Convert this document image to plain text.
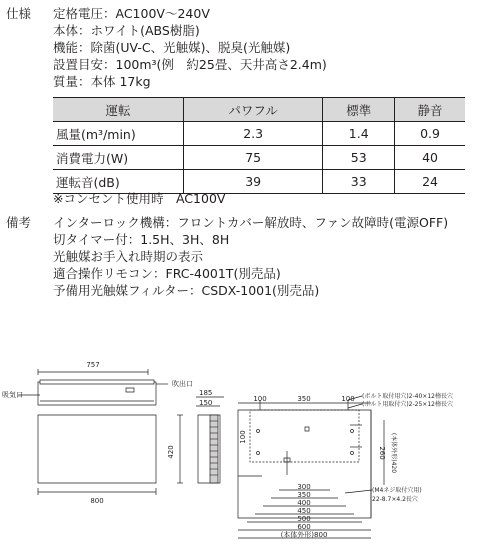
仕様 定格電圧：AC100V〜240V
本体：ホワイト(ABS樹脂)
機能：除菌(UV-C、光触媒)、脱臭(光触媒)
設置目安：100m³(例　約25畳、天井高さ2.4m)
質量：本体 17kg
運転	パワフル	標準	静音
風量(m³/min)	2.3	1.4	0.9
消費電力(W)	75	53	40
運転音(dB)	39	33	24
※コンセント使用時　AC100V
備考 インターロック機構：フロントカバー解放時、ファン故障時(電源OFF)
切タイマー付：1.5H、3H、8H
光触媒お手入れ時期の表示
適合操作リモコン：FRC-4001T(別売品)
予備用光触媒フィルター：CSDX-1001(別売品)
757
吸気口
吹出口
800
185
150
420
100	350	100 (ボルト取付用穴)2-40×12楕長穴
(ボルト用取付穴)2-25×12楕長穴
100
260 (本体外形)420
(M4ネジ取付穴用)
22-8.7×4.2長穴
300
350
400
450
500
600
(本体外形)800
